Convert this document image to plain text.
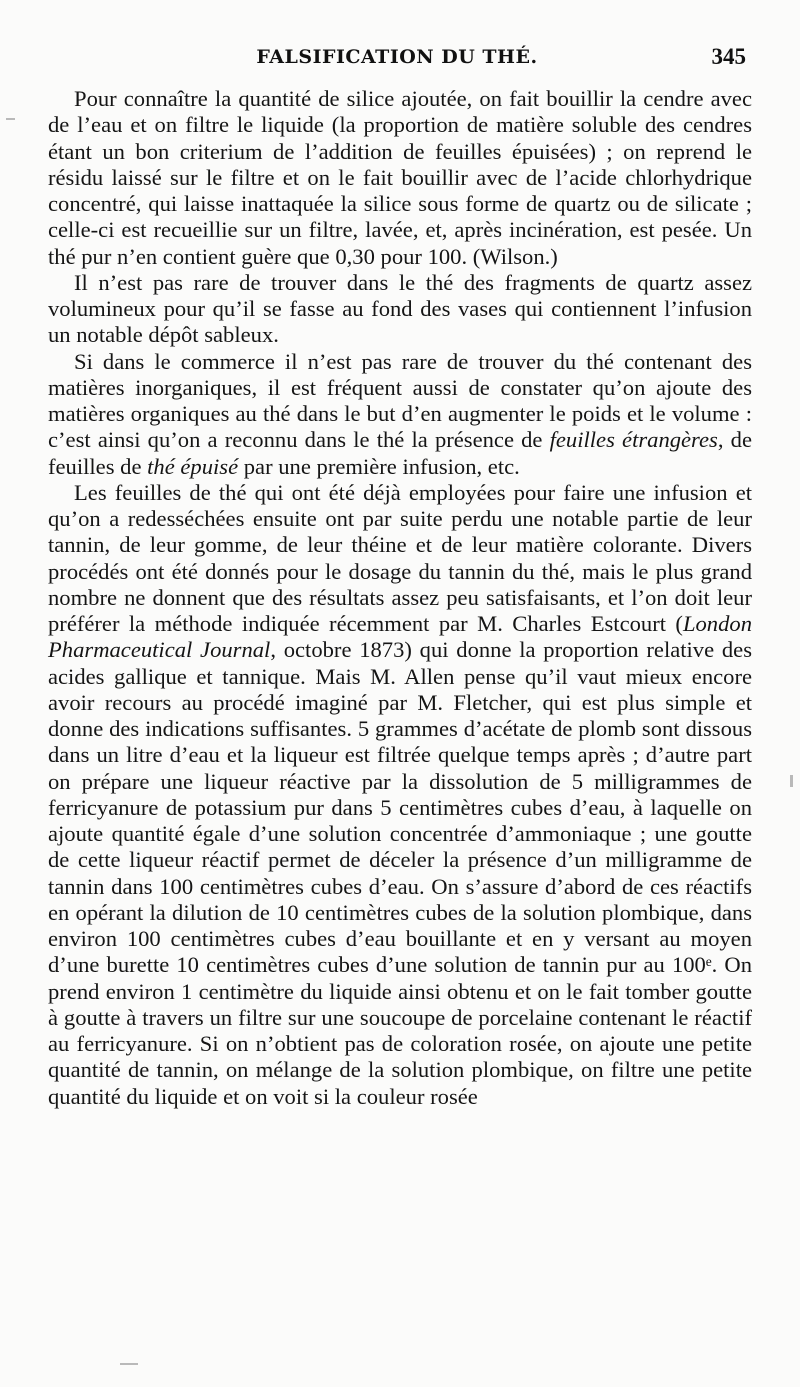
FALSIFICATION DU THÉ.	345

Pour connaître la quantité de silice ajoutée, on fait bouillir la cendre avec de l’eau et on filtre le liquide (la proportion de matière soluble des cendres étant un bon criterium de l’addition de feuilles épuisées) ; on reprend le résidu laissé sur le filtre et on le fait bouillir avec de l’acide chlorhydrique concentré, qui laisse inattaquée la silice sous forme de quartz ou de silicate ; celle-ci est recueillie sur un filtre, lavée, et, après incinération, est pesée. Un thé pur n’en contient guère que 0,30 pour 100. (Wilson.)

Il n’est pas rare de trouver dans le thé des fragments de quartz assez volumineux pour qu’il se fasse au fond des vases qui contiennent l’infusion un notable dépôt sableux.

Si dans le commerce il n’est pas rare de trouver du thé contenant des matières inorganiques, il est fréquent aussi de constater qu’on ajoute des matières organiques au thé dans le but d’en augmenter le poids et le volume : c’est ainsi qu’on a reconnu dans le thé la présence de feuilles étrangères, de feuilles de thé épuisé par une première infusion, etc.

Les feuilles de thé qui ont été déjà employées pour faire une infusion et qu’on a redesséchées ensuite ont par suite perdu une notable partie de leur tannin, de leur gomme, de leur théine et de leur matière colorante. Divers procédés ont été donnés pour le dosage du tannin du thé, mais le plus grand nombre ne donnent que des résultats assez peu satisfaisants, et l’on doit leur préférer la méthode indiquée récemment par M. Charles Estcourt (London Pharmaceutical Journal, octobre 1873) qui donne la proportion relative des acides gallique et tannique. Mais M. Allen pense qu’il vaut mieux encore avoir recours au procédé imaginé par M. Fletcher, qui est plus simple et donne des indications suffisantes. 5 grammes d’acétate de plomb sont dissous dans un litre d’eau et la liqueur est filtrée quelque temps après ; d’autre part on prépare une liqueur réactive par la dissolution de 5 milligrammes de ferricyanure de potassium pur dans 5 centimètres cubes d’eau, à laquelle on ajoute quantité égale d’une solution concentrée d’ammoniaque ; une goutte de cette liqueur réactif permet de déceler la présence d’un milligramme de tannin dans 100 centimètres cubes d’eau. On s’assure d’abord de ces réactifs en opérant la dilution de 10 centimètres cubes de la solution plombique, dans environ 100 centimètres cubes d’eau bouillante et en y versant au moyen d’une burette 10 centimètres cubes d’une solution de tannin pur au 100ᵉ. On prend environ 1 centimètre du liquide ainsi obtenu et on le fait tomber goutte à goutte à travers un filtre sur une soucoupe de porcelaine contenant le réactif au ferricyanure. Si on n’obtient pas de coloration rosée, on ajoute une petite quantité de tannin, on mélange de la solution plombique, on filtre une petite quantité du liquide et on voit si la couleur rosée
